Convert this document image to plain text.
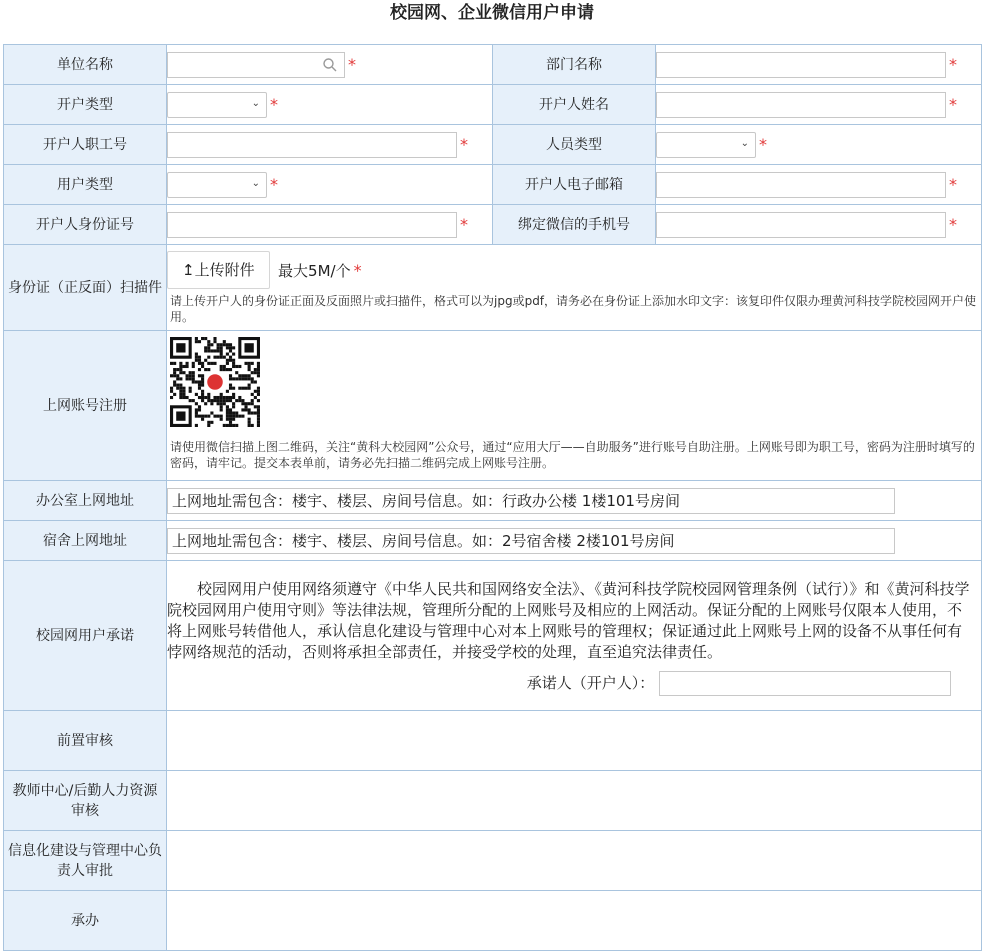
校园网、企业微信用户申请
单位名称	*	部门名称	*
开户类型	⌄ *	开户人姓名	*
开户人职工号	*	人员类型	⌄ *
用户类型	⌄ *	开户人电子邮箱	*
开户人身份证号	*	绑定微信的手机号	*
身份证（正反面）扫描件	↥上传附件 最大5M/个 *
请上传开户人的身份证正面及反面照片或扫描件，格式可以为jpg或pdf，请务必在身份证上添加水印文字：该复印件仅限办理黄河科技学院校园网开户使用。		

上网账号注册	请使用微信扫描上图二维码，关注“黄科大校园网”公众号，通过“应用大厅——自助服务”进行账号自助注册。上网账号即为职工号，密码为注册时填写的密码，请牢记。提交本表单前，请务必先扫描二维码完成上网账号注册。		

办公室上网地址	上网地址需包含：楼宇、楼层、房间号信息。如：行政办公楼 1楼101号房间		
宿舍上网地址	上网地址需包含：楼宇、楼层、房间号信息。如：2号宿舍楼 2楼101号房间		
校园网用户承诺	校园网用户使用网络须遵守《中华人民共和国网络安全法》、《黄河科技学院校园网管理条例（试行）》和《黄河科技学院校园网用户使用守则》等法律法规，管理所分配的上网账号及相应的上网活动。保证分配的上网账号仅限本人使用，不将上网账号转借他人，承认信息化建设与管理中心对本上网账号的管理权；保证通过此上网账号上网的设备不从事任何有悖网络规范的活动，否则将承担全部责任，并接受学校的处理，直至追究法律责任。
承诺人（开户人）：		

前置审核			
教师中心/后勤人力资源审核			
信息化建设与管理中心负责人审批			
承办			
